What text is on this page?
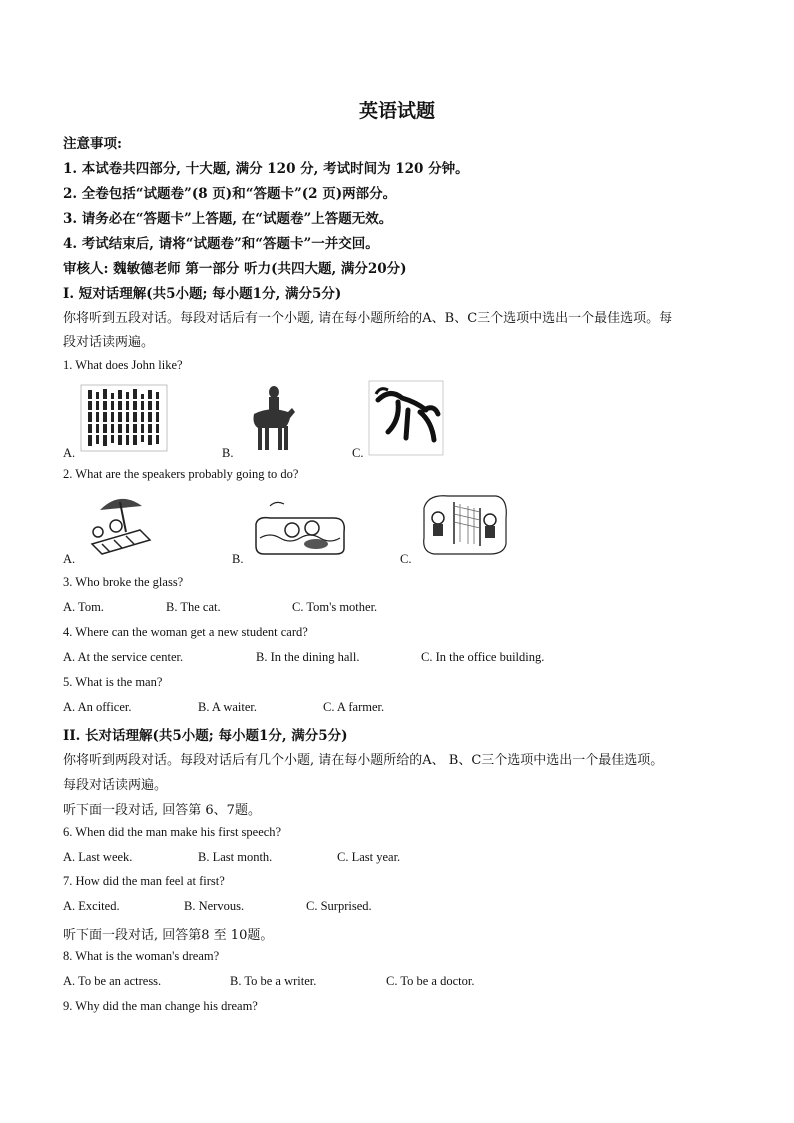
英语试题
注意事项:
1. 本试卷共四部分, 十大题, 满分 120 分, 考试时间为 120 分钟。
2. 全卷包括“试题卷”(8 页)和“答题卡”(2 页)两部分。
3. 请务必在“答题卡”上答题, 在“试题卷”上答题无效。
4. 考试结束后, 请将“试题卷”和“答题卡”一并交回。
审核人: 魏敏德老师 第一部分 听力(共四大题, 满分20分)
I. 短对话理解(共5小题; 每小题1分, 满分5分)
你将听到五段对话。每段对话后有一个小题, 请在每小题所给的A、B、C三个选项中选出一个最佳选项。每
段对话读两遍。
1. What does John like?
A.	B.	C.
2. What are the speakers probably going to do?
A.	B.	C.
3. Who broke the glass?
A. Tom.	B. The cat.	C. Tom's mother.
4. Where can the woman get a new student card?
A. At the service center.	B. In the dining hall.	C. In the office building.
5. What is the man?
A. An officer.	B. A waiter.	C. A farmer.
II. 长对话理解(共5小题; 每小题1分, 满分5分)
你将听到两段对话。每段对话后有几个小题, 请在每小题所给的A、 B、C三个选项中选出一个最佳选项。
每段对话读两遍。
听下面一段对话, 回答第 6、7题。
6. When did the man make his first speech?
A. Last week.	B. Last month.	C. Last year.
7. How did the man feel at first?
A. Excited.	B. Nervous.	C. Surprised.
听下面一段对话, 回答第8 至 10题。
8. What is the woman's dream?
A. To be an actress.	B. To be a writer.	C. To be a doctor.
9. Why did the man change his dream?
